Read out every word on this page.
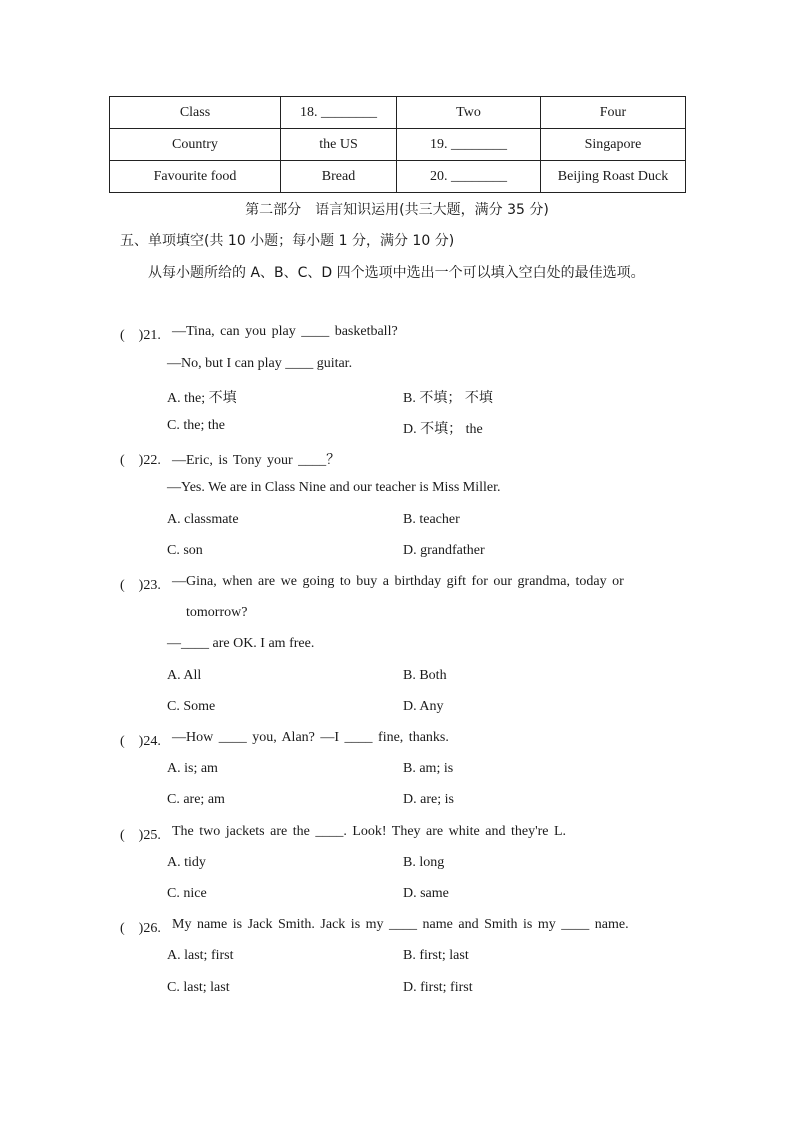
Class	18. ________	Two	Four
Country	the US	19. ________	Singapore
Favourite food	Bread	20. ________	Beijing Roast Duck
第二部分　语言知识运用(共三大题，满分 35 分)
五、单项填空(共 10 小题；每小题 1 分，满分 10 分)
从每小题所给的 A、B、C、D 四个选项中选出一个可以填入空白处的最佳选项。
(　)21. —Tina, can you play ____ basketball?
—No, but I can play ____ guitar.
A. the; 不填	B. 不填； 不填
C. the; the	D. 不填； the
(　)22. —Eric, is Tony your ____？
—Yes. We are in Class Nine and our teacher is Miss Miller.
A. classmate	B. teacher
C. son	D. grandfather
(　)23. —Gina, when are we going to buy a birthday gift for our grandma, today or
tomorrow?
—____ are OK. I am free.
A. All	B. Both
C. Some	D. Any
(　)24. —How ____ you, Alan? —I ____ fine, thanks.
A. is; am	B. am; is
C. are; am	D. are; is
(　)25. The two jackets are the ____. Look! They are white and they're L.
A. tidy	B. long
C. nice	D. same
(　)26. My name is Jack Smith. Jack is my ____ name and Smith is my ____ name.
A. last; first	B. first; last
C. last; last	D. first; first
